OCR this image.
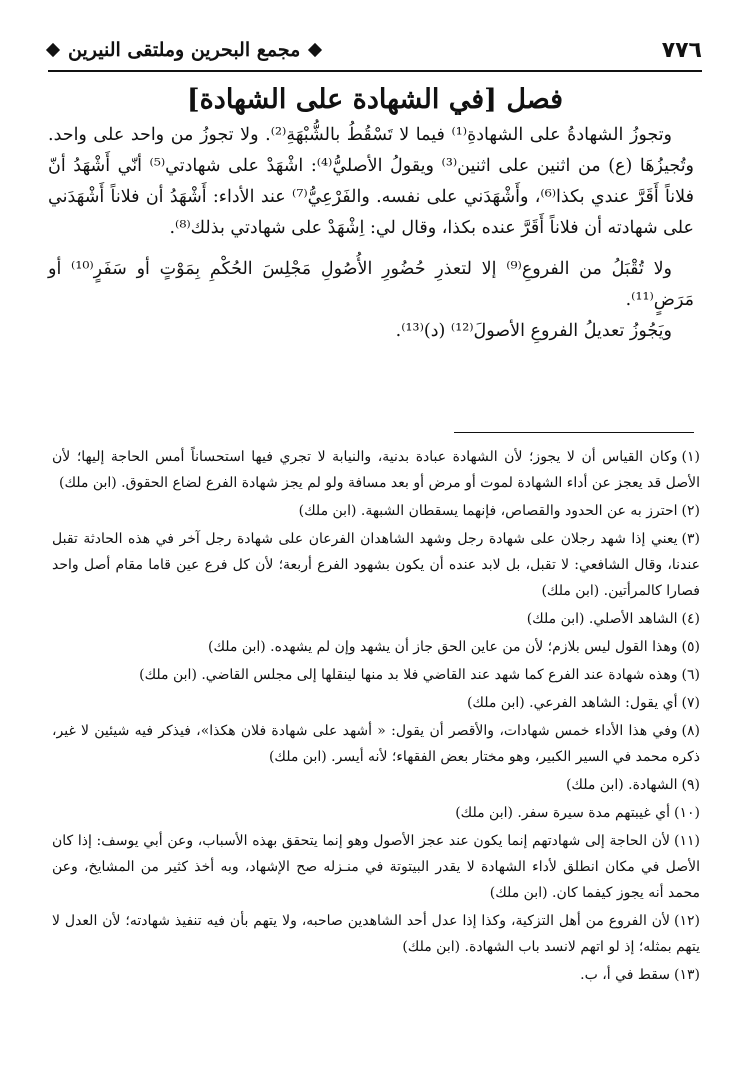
٧٧٦
مجمع البحرين وملتقى النيرين
فصل [في الشهادة على الشهادة]

وتجوزُ الشهادةُ على الشهادةِ⁽¹⁾ فيما لا تَسْقُطُ بالشُّبْهَةِ⁽²⁾. ولا تجوزُ من واحد على واحد. وتُجيزُهَا (ع) من اثنين على اثنين⁽³⁾ ويقولُ الأصليُّ⁽⁴⁾: اشْهَدْ على شهادتي⁽⁵⁾ أنّي أَشْهَدُ أنّ فلاناً أَقَرَّ عندي بكذا⁽⁶⁾، وأَشْهَدَني على نفسه. والفَرْعِيُّ⁽⁷⁾ عند الأداء: أَشْهَدُ أن فلاناً أَشْهَدَني على شهادته أن فلاناً أَقَرَّ عنده بكذا، وقال لي: اِشْهَدْ على شهادتي بذلك⁽⁸⁾.

ولا تُقْبَلُ من الفروعِ⁽⁹⁾ إلا لتعذرِ حُضُورِ الأُصُولِ مَجْلِسَ الحُكْمِ بِمَوْتٍ أو سَفَرٍ⁽¹⁰⁾ أو مَرَضٍ⁽¹¹⁾.

ويَجُوزُ تعديلُ الفروعِ الأصولَ⁽¹²⁾ (د)⁽¹³⁾.

(١)وكان القياس أن لا يجوز؛ لأن الشهادة عبادة بدنية، والنيابة لا تجري فيها استحساناً أمس الحاجة إليها؛ لأن الأصل قد يعجز عن أداء الشهادة لموت أو مرض أو بعد مسافة ولو لم يجز شهادة الفرع لضاع الحقوق. (ابن ملك)

(٢)احترز به عن الحدود والقصاص، فإنهما يسقطان الشبهة. (ابن ملك)

(٣)يعني إذا شهد رجلان على شهادة رجل وشهد الشاهدان الفرعان على شهادة رجل آخر في هذه الحادثة تقبل عندنا، وقال الشافعي: لا تقبل، بل لابد عنده أن يكون بشهود الفرع أربعة؛ لأن كل فرع عين قاما مقام أصل واحد فصارا كالمرأتين. (ابن ملك)

(٤)الشاهد الأصلي. (ابن ملك)

(٥)وهذا القول ليس بلازم؛ لأن من عاين الحق جاز أن يشهد وإن لم يشهده. (ابن ملك)

(٦)وهذه شهادة عند الفرع كما شهد عند القاضي فلا بد منها لينقلها إلى مجلس القاضي. (ابن ملك)

(٧)أي يقول: الشاهد الفرعي. (ابن ملك)

(٨)وفي هذا الأداء خمس شهادات، والأقصر أن يقول: « أشهد على شهادة فلان هكذا»، فيذكر فيه شيئين لا غير، ذكره محمد في السير الكبير، وهو مختار بعض الفقهاء؛ لأنه أيسر. (ابن ملك)

(٩)الشهادة. (ابن ملك)

(١٠)أي غيبتهم مدة سيرة سفر. (ابن ملك)

(١١)لأن الحاجة إلى شهادتهم إنما يكون عند عجز الأصول وهو إنما يتحقق بهذه الأسباب، وعن أبي يوسف: إذا كان الأصل في مكان انطلق لأداء الشهادة لا يقدر البيتوتة في منـزله صح الإشهاد، وبه أخذ كثير من المشايخ، وعن محمد أنه يجوز كيفما كان. (ابن ملك)

(١٢)لأن الفروع من أهل التزكية، وكذا إذا عدل أحد الشاهدين صاحبه، ولا يتهم بأن فيه تنفيذ شهادته؛ لأن العدل لا يتهم بمثله؛ إذ لو اتهم لانسد باب الشهادة. (ابن ملك)

(١٣)سقط في أ، ب.
